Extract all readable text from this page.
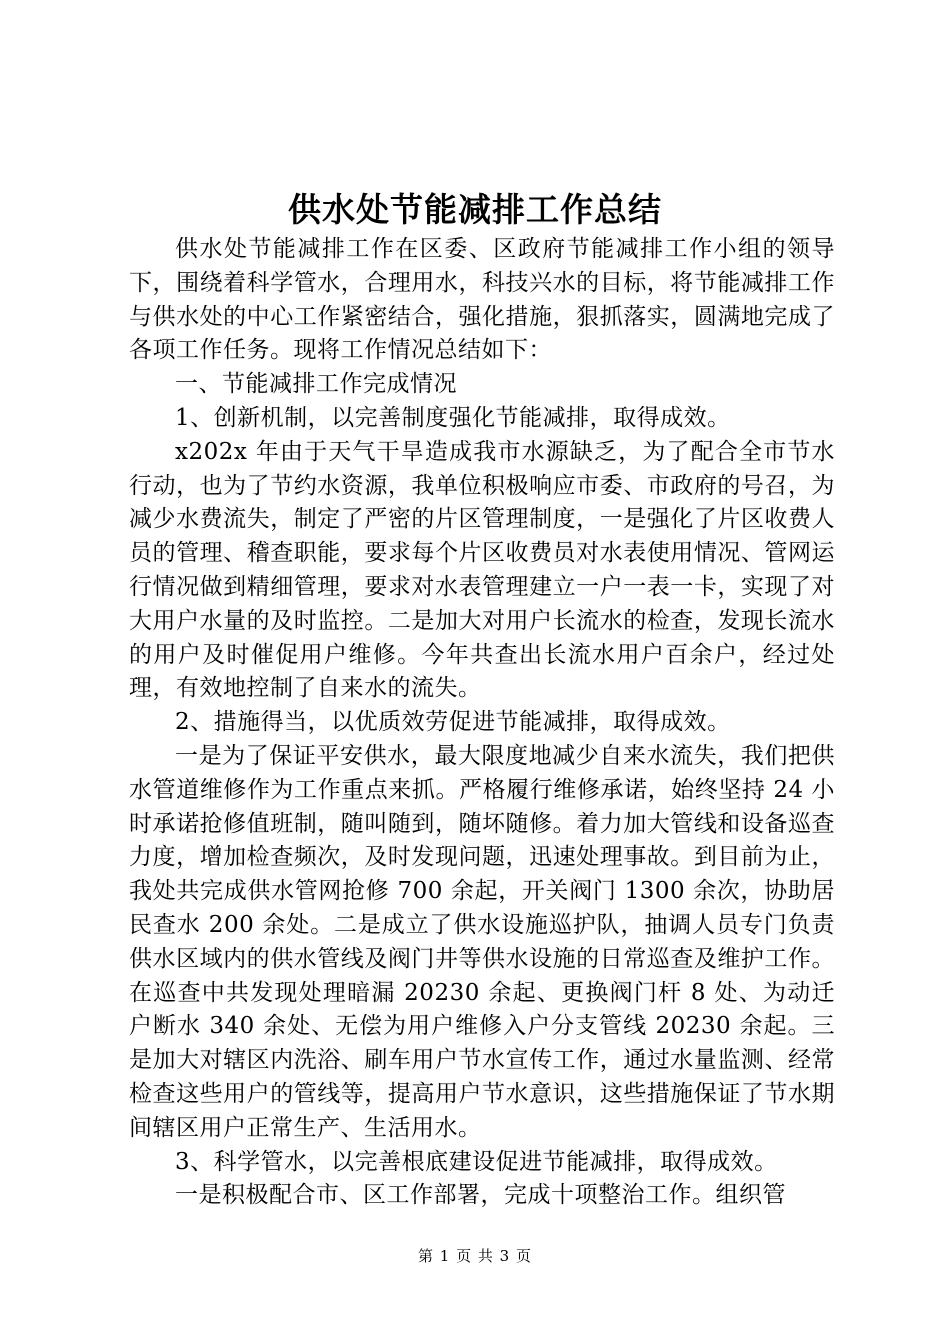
供水处节能减排工作总结

供水处节能减排工作在区委、区政府节能减排工作小组的领导下，围绕着科学管水，合理用水，科技兴水的目标，将节能减排工作与供水处的中心工作紧密结合，强化措施，狠抓落实，圆满地完成了各项工作任务。现将工作情况总结如下：

一、节能减排工作完成情况

1、创新机制，以完善制度强化节能减排，取得成效。

x202x 年由于天气干旱造成我市水源缺乏，为了配合全市节水行动，也为了节约水资源，我单位积极响应市委、市政府的号召，为减少水费流失，制定了严密的片区管理制度，一是强化了片区收费人员的管理、稽查职能，要求每个片区收费员对水表使用情况、管网运行情况做到精细管理，要求对水表管理建立一户一表一卡，实现了对大用户水量的及时监控。二是加大对用户长流水的检查，发现长流水的用户及时催促用户维修。今年共查出长流水用户百余户，经过处理，有效地控制了自来水的流失。

2、措施得当，以优质效劳促进节能减排，取得成效。

一是为了保证平安供水，最大限度地减少自来水流失，我们把供水管道维修作为工作重点来抓。严格履行维修承诺，始终坚持 24 小时承诺抢修值班制，随叫随到，随坏随修。着力加大管线和设备巡查力度，增加检查频次，及时发现问题，迅速处理事故。到目前为止，我处共完成供水管网抢修 700 余起，开关阀门 1300 余次，协助居民查水 200 余处。二是成立了供水设施巡护队，抽调人员专门负责供水区域内的供水管线及阀门井等供水设施的日常巡查及维护工作。在巡查中共发现处理暗漏 20230 余起、更换阀门杆 8 处、为动迁户断水 340 余处、无偿为用户维修入户分支管线 20230 余起。三是加大对辖区内洗浴、刷车用户节水宣传工作，通过水量监测、经常检查这些用户的管线等，提高用户节水意识，这些措施保证了节水期间辖区用户正常生产、生活用水。

3、科学管水，以完善根底建设促进节能减排，取得成效。

一是积极配合市、区工作部署，完成十项整治工作。组织管

第 1 页 共 3 页
